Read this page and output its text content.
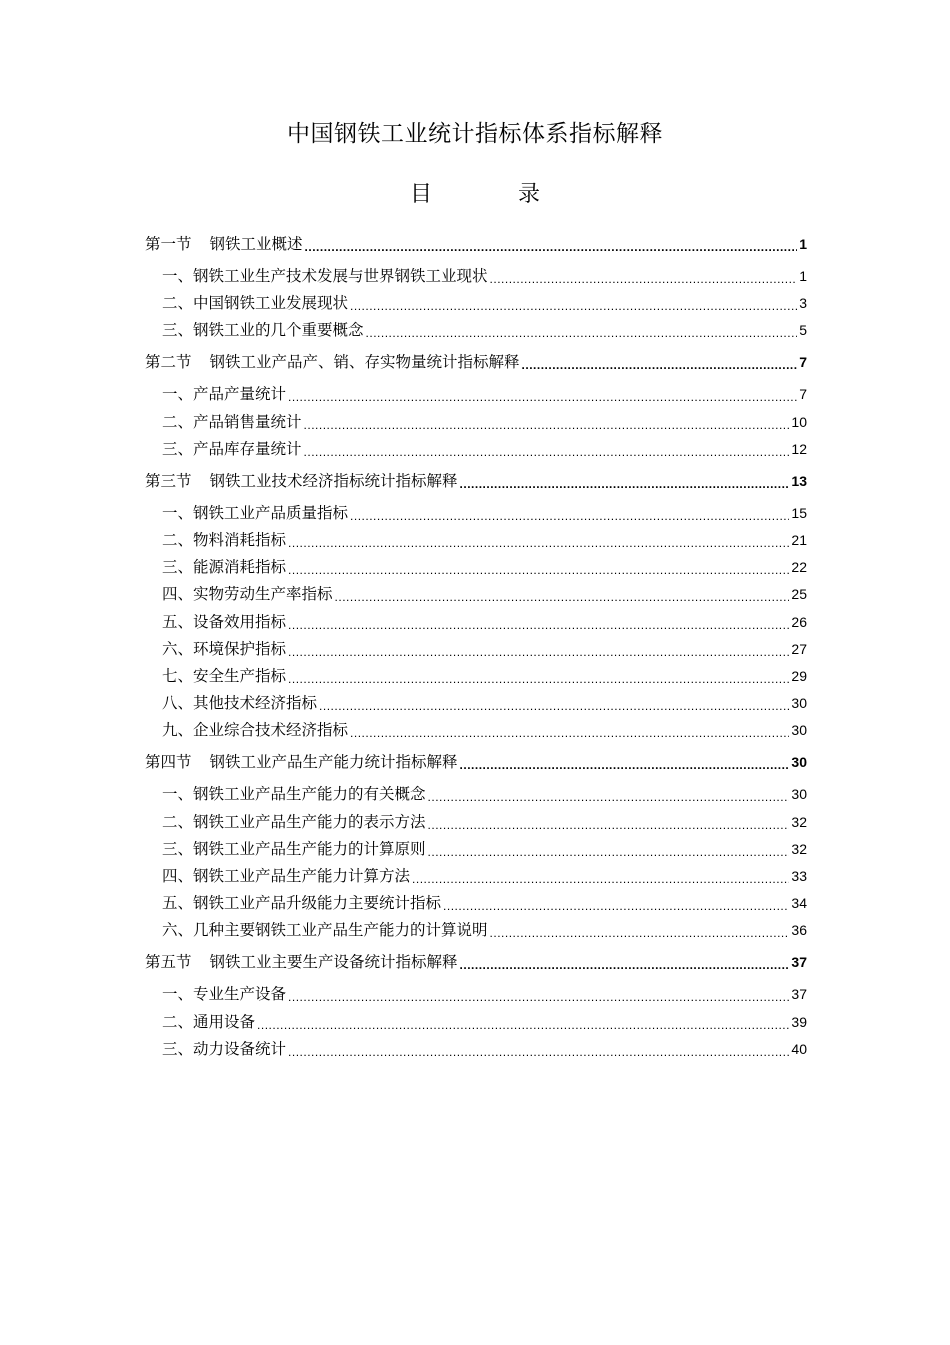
中国钢铁工业统计指标体系指标解释
目	录
第一节 钢铁工业概述 .....	1
一、钢铁工业生产技术发展与世界钢铁工业现状 .....	1
二、中国钢铁工业发展现状 .....	3
三、钢铁工业的几个重要概念 .....	5
第二节 钢铁工业产品产、销、存实物量统计指标解释 .....	7
一、产品产量统计 .....	7
二、产品销售量统计 .....	10
三、产品库存量统计 .....	12
第三节 钢铁工业技术经济指标统计指标解释 .....	13
一、钢铁工业产品质量指标 .....	15
二、物料消耗指标 .....	21
三、能源消耗指标 .....	22
四、实物劳动生产率指标 .....	25
五、设备效用指标 .....	26
六、环境保护指标 .....	27
七、安全生产指标 .....	29
八、其他技术经济指标 .....	30
九、企业综合技术经济指标 .....	30
第四节 钢铁工业产品生产能力统计指标解释 .....	30
一、钢铁工业产品生产能力的有关概念 .....	30
二、钢铁工业产品生产能力的表示方法 .....	32
三、钢铁工业产品生产能力的计算原则 .....	32
四、钢铁工业产品生产能力计算方法 .....	33
五、钢铁工业产品升级能力主要统计指标 .....	34
六、几种主要钢铁工业产品生产能力的计算说明 .....	36
第五节 钢铁工业主要生产设备统计指标解释 .....	37
一、专业生产设备 .....	37
二、通用设备 .....	39
三、动力设备统计 .....	40
